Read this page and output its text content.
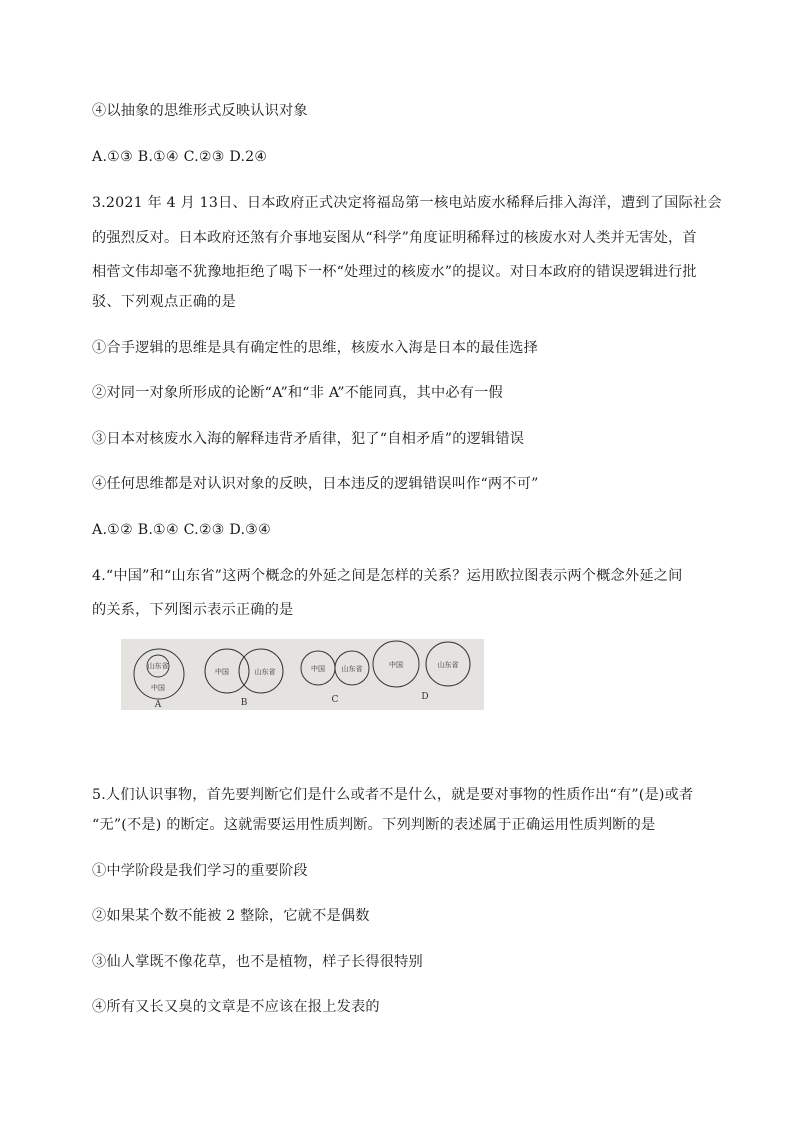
④以抽象的思维形式反映认识对象
A.①③ B.①④ C.②③ D.2④
3.2021 年 4 月 13日、日本政府正式决定将福岛第一核电站废水稀释后排入海洋，遭到了国际社会
的强烈反对。日本政府还煞有介事地妄图从“科学”角度证明稀释过的核废水对人类并无害处，首
相菅文伟却毫不犹豫地拒绝了喝下一杯“处理过的核废水”的提议。对日本政府的错误逻辑进行批
驳、下列观点正确的是
①合手逻辑的思维是具有确定性的思维，核废水入海是日本的最佳选择
②对同一对象所形成的论断“A”和“非 A”不能同真，其中必有一假
③日本对核废水入海的解释违背矛盾律，犯了“自相矛盾”的逻辑错误
④任何思维都是对认识对象的反映，日本违反的逻辑错误叫作“两不可”
A.①② B.①④ C.②③ D.③④
4.“中国”和“山东省”这两个概念的外延之间是怎样的关系？运用欧拉图表示两个概念外延之间
的关系，下列图示表示正确的是
山东省
中国
A
中国	山东省
B
中国 山东省
C
中国	山东省
D
5.人们认识事物，首先要判断它们是什么或者不是什么，就是要对事物的性质作出“有”(是)或者
“无”(不是) 的断定。这就需要运用性质判断。下列判断的表述属于正确运用性质判断的是
①中学阶段是我们学习的重要阶段
②如果某个数不能被 2 整除，它就不是偶数
③仙人掌既不像花草，也不是植物，样子长得很特别
④所有又长又臭的文章是不应该在报上发表的
